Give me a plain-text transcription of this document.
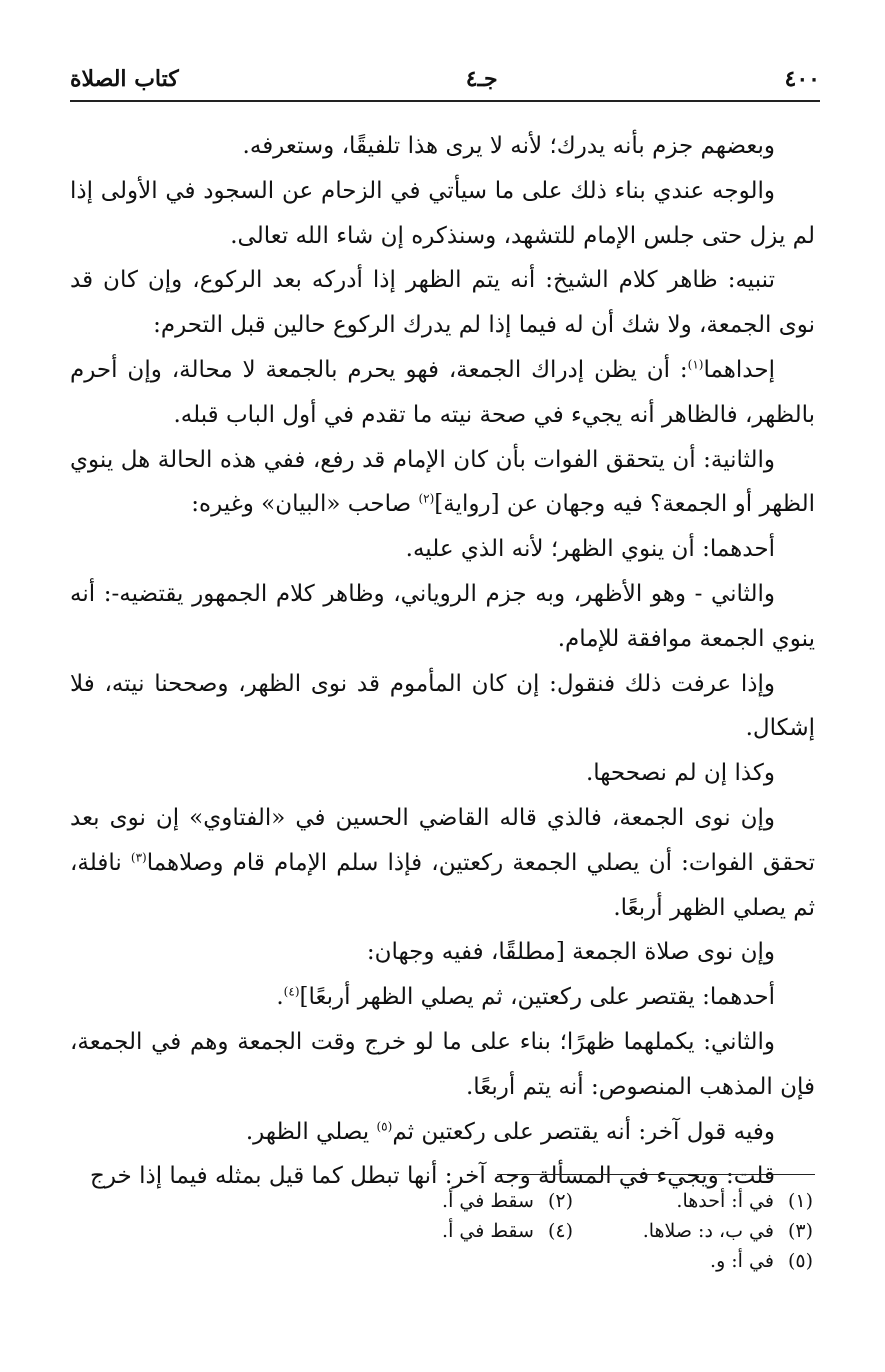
٤٠٠
جـ٤
كتاب الصلاة

وبعضهم جزم بأنه يدرك؛ لأنه لا يرى هذا تلفيقًا، وستعرفه.

والوجه عندي بناء ذلك على ما سيأتي في الزحام عن السجود في الأولى إذا لم يزل حتى جلس الإمام للتشهد، وسنذكره إن شاء الله تعالى.

تنبيه: ظاهر كلام الشيخ: أنه يتم الظهر إذا أدركه بعد الركوع، وإن كان قد نوى الجمعة، ولا شك أن له فيما إذا لم يدرك الركوع حالين قبل التحرم:

إحداهما$^{(١)}$: أن يظن إدراك الجمعة، فهو يحرم بالجمعة لا محالة، وإن أحرم بالظهر، فالظاهر أنه يجيء في صحة نيته ما تقدم في أول الباب قبله.

والثانية: أن يتحقق الفوات بأن كان الإمام قد رفع، ففي هذه الحالة هل ينوي الظهر أو الجمعة؟ فيه وجهان عن [رواية]$^{(٢)}$ صاحب «البيان» وغيره:

أحدهما: أن ينوي الظهر؛ لأنه الذي عليه.

والثاني - وهو الأظهر، وبه جزم الروياني، وظاهر كلام الجمهور يقتضيه-: أنه ينوي الجمعة موافقة للإمام.

وإذا عرفت ذلك فنقول: إن كان المأموم قد نوى الظهر، وصححنا نيته، فلا إشكال.

وكذا إن لم نصححها.

وإن نوى الجمعة، فالذي قاله القاضي الحسين في «الفتاوي» إن نوى بعد تحقق الفوات: أن يصلي الجمعة ركعتين، فإذا سلم الإمام قام وصلاهما$^{(٣)}$ نافلة، ثم يصلي الظهر أربعًا.

وإن نوى صلاة الجمعة [مطلقًا، ففيه وجهان:

أحدهما: يقتصر على ركعتين، ثم يصلي الظهر أربعًا]$^{(٤)}$.

والثاني: يكملهما ظهرًا؛ بناء على ما لو خرج وقت الجمعة وهم في الجمعة، فإن المذهب المنصوص: أنه يتم أربعًا.

وفيه قول آخر: أنه يقتصر على ركعتين ثم$^{(٥)}$ يصلي الظهر.

قلت: ويجيء في المسألة وجه آخر: أنها تبطل كما قيل بمثله فيما إذا خرج

(١)
في أ: أحدها.
(٢)
سقط في أ.
(٣)
في ب، د: صلاها.
(٤)
سقط في أ.
(٥)
في أ: و.
